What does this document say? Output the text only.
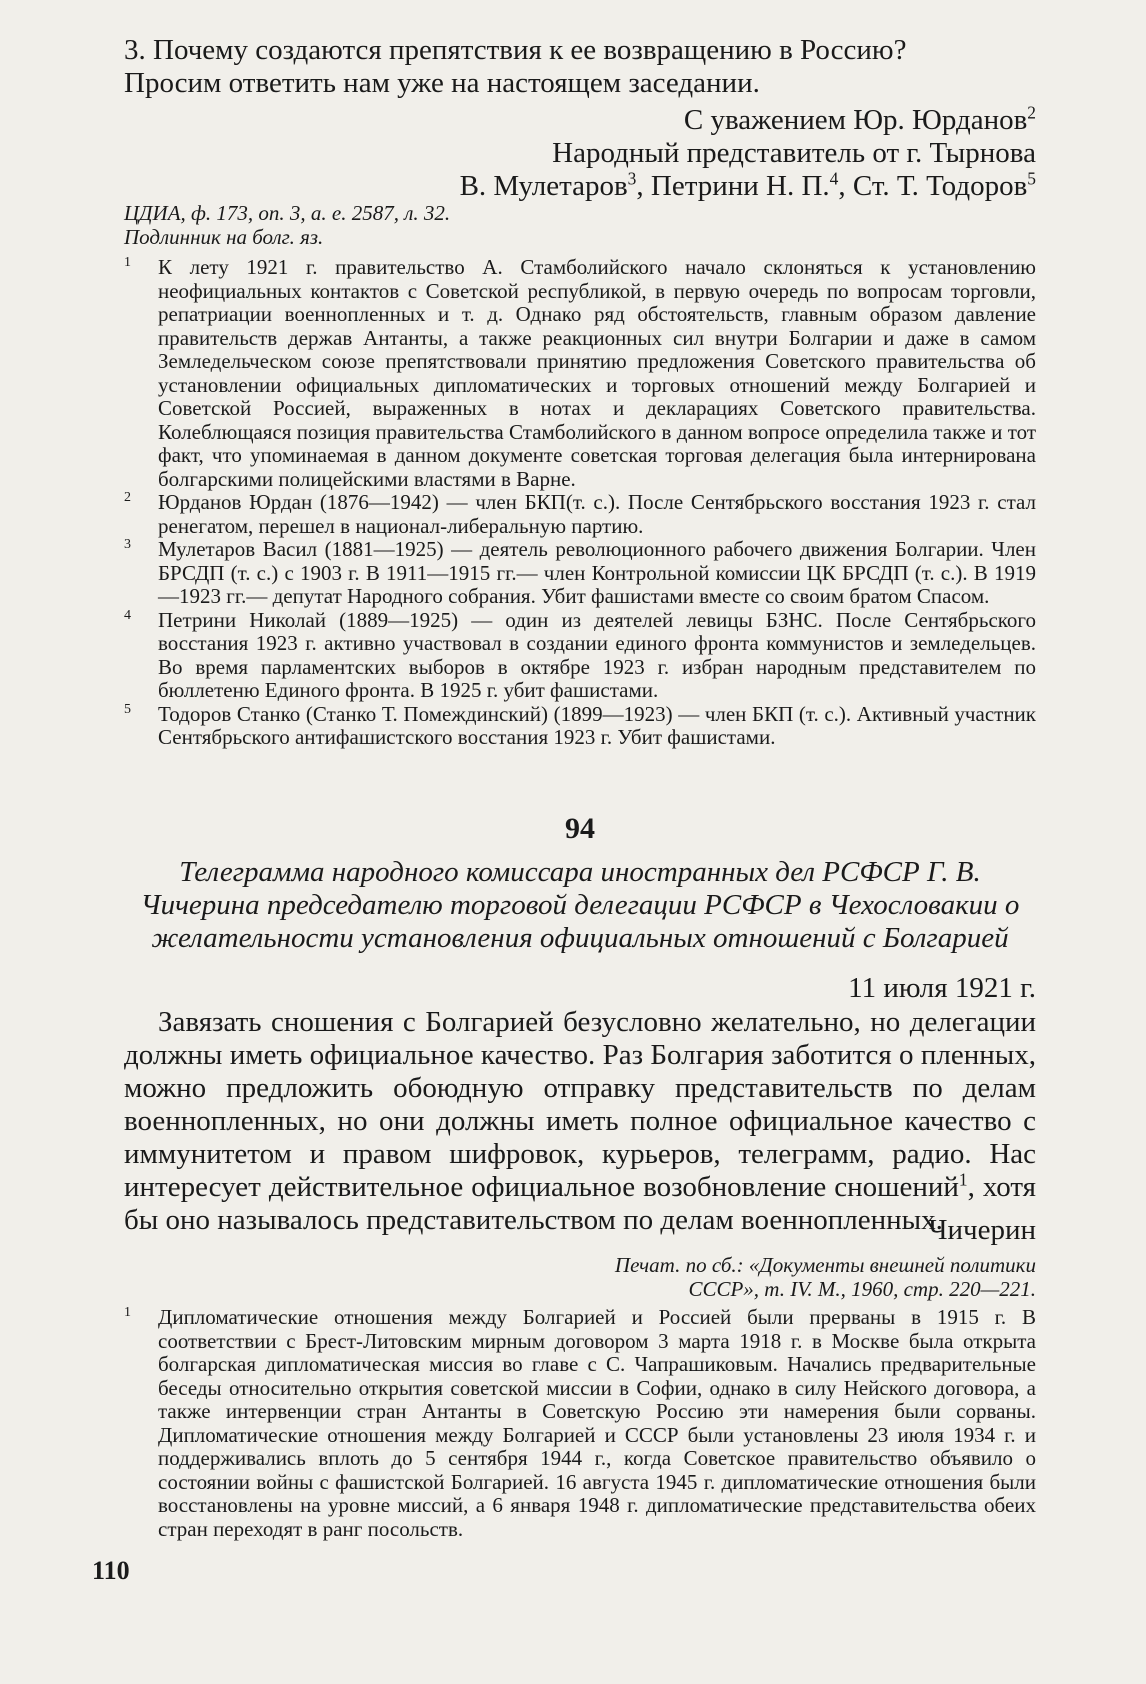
3. Почему создаются препятствия к ее возвращению в Россию?

Просим ответить нам уже на настоящем заседании.

С уважением Юр. Юрданов$^2$

Народный представитель от г. Тырнова

В. Мулетаров$^3$, Петрини Н. П.$^4$, Ст. Т. Тодоров$^5$

ЦДИА, ф. 173, оп. 3, а. е. 2587, л. 32.

Подлинник на болг. яз.

1 К лету 1921 г. правительство А. Стамболийского начало склоняться к установлению неофициальных контактов с Советской республикой, в первую очередь по вопросам торговли, репатриации военнопленных и т. д. Однако ряд обстоятельств, главным образом давление правительств держав Антанты, а также реакционных сил внутри Болгарии и даже в самом Земледельческом союзе препятствовали принятию предложения Советского правительства об установлении официальных дипломатических и торговых отношений между Болгарией и Советской Россией, выраженных в нотах и декларациях Советского правительства. Колеблющаяся позиция правительства Стамболийского в данном вопросе определила также и тот факт, что упоминаемая в данном документе советская торговая делегация была интернирована болгарскими полицейскими властями в Варне.
2 Юрданов Юрдан (1876—1942) — член БКП(т. с.). После Сентябрьского восстания 1923 г. стал ренегатом, перешел в национал-либеральную партию.
3 Мулетаров Васил (1881—1925) — деятель революционного рабочего движения Болгарии. Член БРСДП (т. с.) с 1903 г. В 1911—1915 гг.— член Контрольной комиссии ЦК БРСДП (т. с.). В 1919—1923 гг.— депутат Народного собрания. Убит фашистами вместе со своим братом Спасом.
4 Петрини Николай (1889—1925) — один из деятелей левицы БЗНС. После Сентябрьского восстания 1923 г. активно участвовал в создании единого фронта коммунистов и земледельцев. Во время парламентских выборов в октябре 1923 г. избран народным представителем по бюллетеню Единого фронта. В 1925 г. убит фашистами.
5 Тодоров Станко (Станко Т. Помеждинский) (1899—1923) — член БКП (т. с.). Активный участник Сентябрьского антифашистского восстания 1923 г. Убит фашистами.
94
Телеграмма народного комиссара иностранных дел РСФСР Г. В. Чичерина председателю торговой делегации РСФСР в Чехословакии о желательности установления официальных отношений с Болгарией
11 июля 1921 г.

Завязать сношения с Болгарией безусловно желательно, но делегации должны иметь официальное качество. Раз Болгария заботится о пленных, можно предложить обоюдную отправку представительств по делам военнопленных, но они должны иметь полное официальное качество с иммунитетом и правом шифровок, курьеров, телеграмм, радио. Нас интересует действительное официальное возобновление сношений$^1$, хотя бы оно называлось представительством по делам военнопленных.

Чичерин

Печат. по сб.: «Документы внешней политики

СССР», т. IV. М., 1960, стр. 220—221.

1 Дипломатические отношения между Болгарией и Россией были прерваны в 1915 г. В соответствии с Брест-Литовским мирным договором 3 марта 1918 г. в Москве была открыта болгарская дипломатическая миссия во главе с С. Чапрашиковым. Начались предварительные беседы относительно открытия советской миссии в Софии, однако в силу Нейского договора, а также интервенции стран Антанты в Советскую Россию эти намерения были сорваны. Дипломатические отношения между Болгарией и СССР были установлены 23 июля 1934 г. и поддерживались вплоть до 5 сентября 1944 г., когда Советское правительство объявило о состоянии войны с фашистской Болгарией. 16 августа 1945 г. дипломатические отношения были восстановлены на уровне миссий, а 6 января 1948 г. дипломатические представительства обеих стран переходят в ранг посольств.
110
